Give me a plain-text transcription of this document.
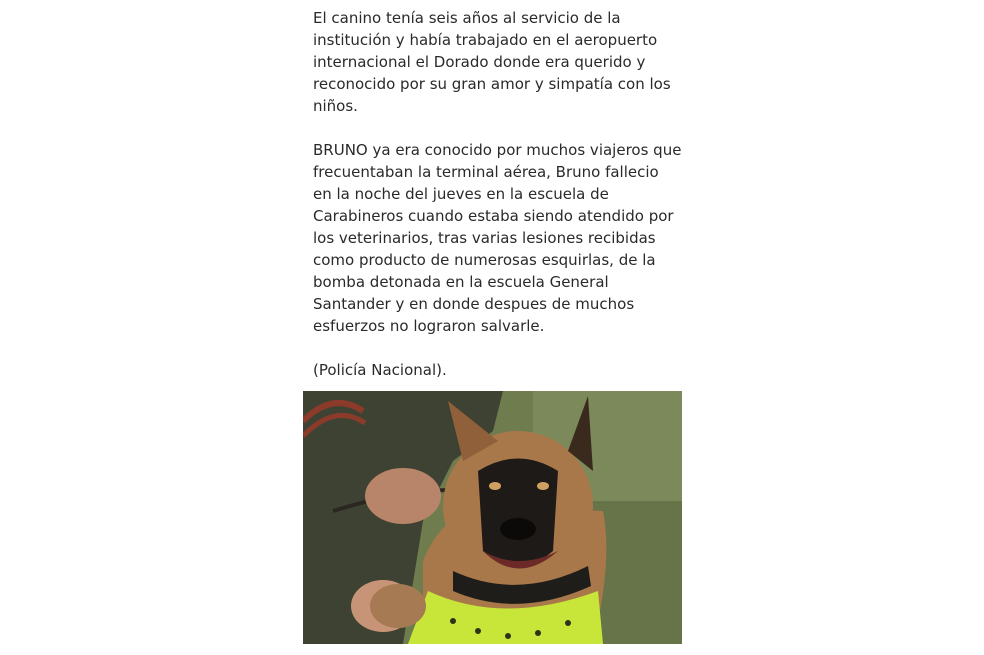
El canino tenía seis años al servicio de la
institución y había trabajado en el aeropuerto
internacional el Dorado donde era querido y
reconocido por su gran amor y simpatía con los
niños.

BRUNO ya era conocido por muchos viajeros que
frecuentaban la terminal aérea, Bruno fallecio
en la noche del jueves en la escuela de
Carabineros cuando estaba siendo atendido por
los veterinarios, tras varias lesiones recibidas
como producto de numerosas esquirlas, de la
bomba detonada en la escuela General
Santander y en donde despues de muchos
esfuerzos no lograron salvarle.

(Policía Nacional).
